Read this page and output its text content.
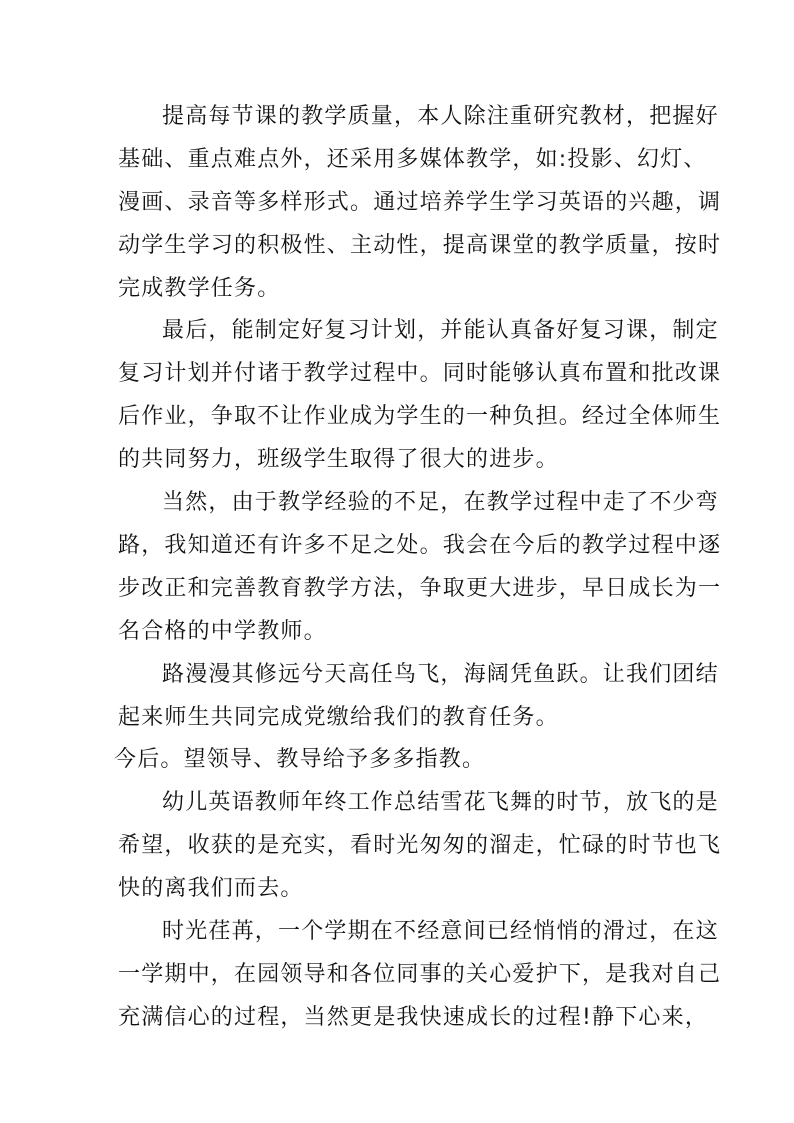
提高每节课的教学质量，本人除注重研究教材，把握好
基础、重点难点外，还采用多媒体教学，如:投影、幻灯、
漫画、录音等多样形式。通过培养学生学习英语的兴趣，调
动学生学习的积极性、主动性，提高课堂的教学质量，按时
完成教学任务。
最后，能制定好复习计划，并能认真备好复习课，制定
复习计划并付诸于教学过程中。同时能够认真布置和批改课
后作业，争取不让作业成为学生的一种负担。经过全体师生
的共同努力，班级学生取得了很大的进步。
当然，由于教学经验的不足，在教学过程中走了不少弯
路，我知道还有许多不足之处。我会在今后的教学过程中逐
步改正和完善教育教学方法，争取更大进步，早日成长为一
名合格的中学教师。
路漫漫其修远兮天高任鸟飞，海阔凭鱼跃。让我们团结
起来师生共同完成党缴给我们的教育任务。
今后。望领导、教导给予多多指教。
幼儿英语教师年终工作总结雪花飞舞的时节，放飞的是
希望，收获的是充实，看时光匆匆的溜走，忙碌的时节也飞
快的离我们而去。
时光荏苒，一个学期在不经意间已经悄悄的滑过，在这
一学期中，在园领导和各位同事的关心爱护下，是我对自己
充满信心的过程，当然更是我快速成长的过程!静下心来，
